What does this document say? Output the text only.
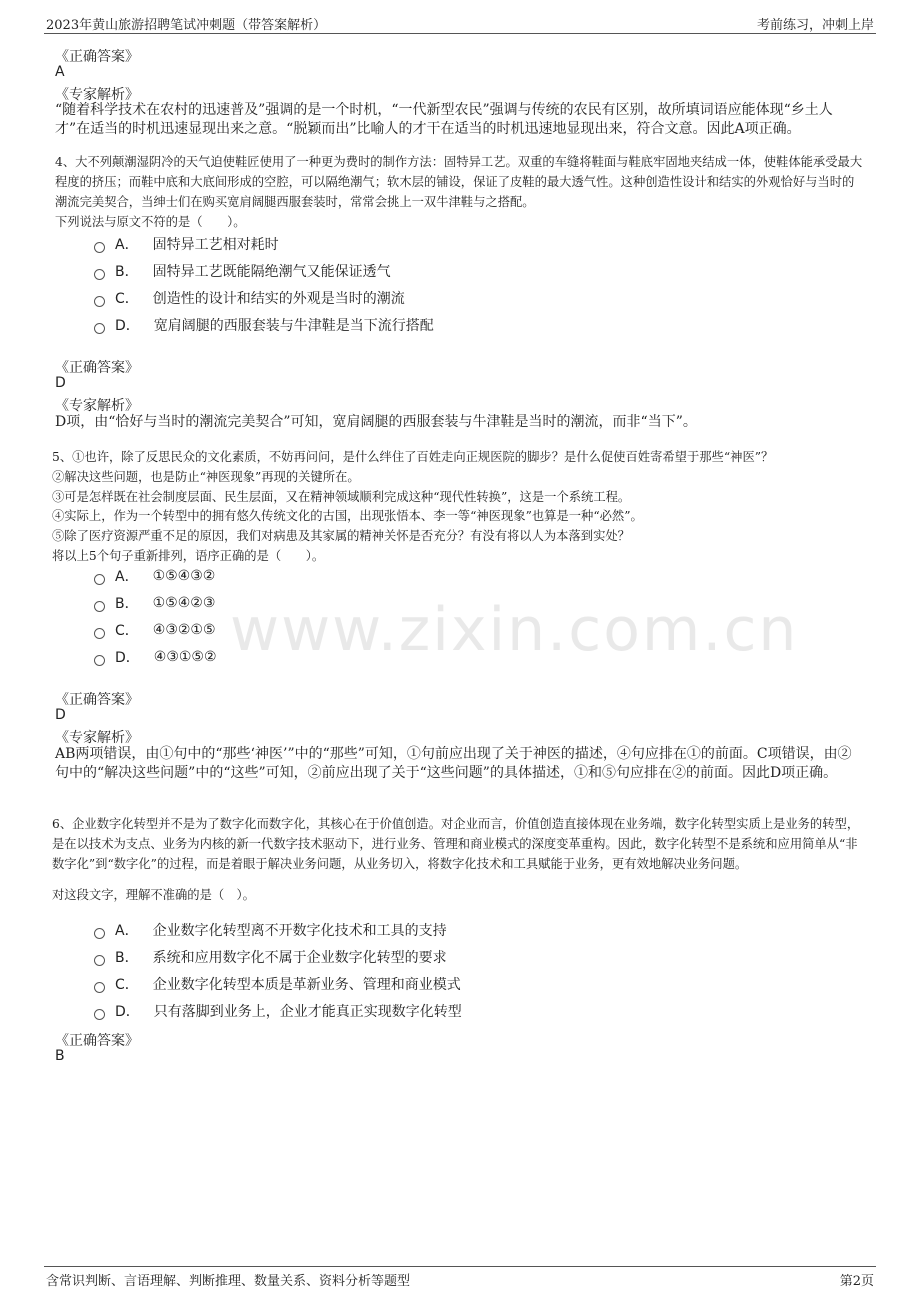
2023年黄山旅游招聘笔试冲刺题（带答案解析）	考前练习，冲刺上岸
www.zixin.com.cn
《正确答案》
A
《专家解析》
“随着科学技术在农村的迅速普及”强调的是一个时机，“一代新型农民”强调与传统的农民有区别，故所填词语应能体现“乡土人才”在适当的时机迅速显现出来之意。“脱颖而出”比喻人的才干在适当的时机迅速地显现出来，符合文意。因此A项正确。
4、大不列颠潮湿阴冷的天气迫使鞋匠使用了一种更为费时的制作方法：固特异工艺。双重的车缝将鞋面与鞋底牢固地夹结成一体，使鞋体能承受最大程度的挤压；而鞋中底和大底间形成的空腔，可以隔绝潮气；软木层的铺设，保证了皮鞋的最大透气性。这种创造性设计和结实的外观恰好与当时的潮流完美契合，当绅士们在购买宽肩阔腿西服套装时，常常会挑上一双牛津鞋与之搭配。
下列说法与原文不符的是（　　）。
A． 固特异工艺相对耗时
B． 固特异工艺既能隔绝潮气又能保证透气
C． 创造性的设计和结实的外观是当时的潮流
D． 宽肩阔腿的西服套装与牛津鞋是当下流行搭配
《正确答案》
D
《专家解析》
D项，由“恰好与当时的潮流完美契合”可知，宽肩阔腿的西服套装与牛津鞋是当时的潮流，而非“当下”。
5、①也许，除了反思民众的文化素质，不妨再问问，是什么绊住了百姓走向正规医院的脚步？是什么促使百姓寄希望于那些“神医”？
②解决这些问题，也是防止“神医现象”再现的关键所在。
③可是怎样既在社会制度层面、民生层面，又在精神领域顺利完成这种“现代性转换”，这是一个系统工程。
④实际上，作为一个转型中的拥有悠久传统文化的古国，出现张悟本、李一等“神医现象”也算是一种“必然”。
⑤除了医疗资源严重不足的原因，我们对病患及其家属的精神关怀是否充分？有没有将以人为本落到实处？
将以上5个句子重新排列，语序正确的是（　　）。
A． ①⑤④③②
B． ①⑤④②③
C． ④③②①⑤
D． ④③①⑤②
《正确答案》
D
《专家解析》
AB两项错误，由①句中的“那些‘神医’”中的“那些”可知，①句前应出现了关于神医的描述，④句应排在①的前面。C项错误，由②句中的“解决这些问题”中的“这些”可知，②前应出现了关于“这些问题”的具体描述，①和⑤句应排在②的前面。因此D项正确。
6、企业数字化转型并不是为了数字化而数字化，其核心在于价值创造。对企业而言，价值创造直接体现在业务端，数字化转型实质上是业务的转型，是在以技术为支点、业务为内核的新一代数字技术驱动下，进行业务、管理和商业模式的深度变革重构。因此，数字化转型不是系统和应用简单从“非数字化”到“数字化”的过程，而是着眼于解决业务问题，从业务切入，将数字化技术和工具赋能于业务，更有效地解决业务问题。
对这段文字，理解不准确的是（　）。
A． 企业数字化转型离不开数字化技术和工具的支持
B． 系统和应用数字化不属于企业数字化转型的要求
C． 企业数字化转型本质是革新业务、管理和商业模式
D． 只有落脚到业务上，企业才能真正实现数字化转型
《正确答案》
B
含常识判断、言语理解、判断推理、数量关系、资料分析等题型	第2页
